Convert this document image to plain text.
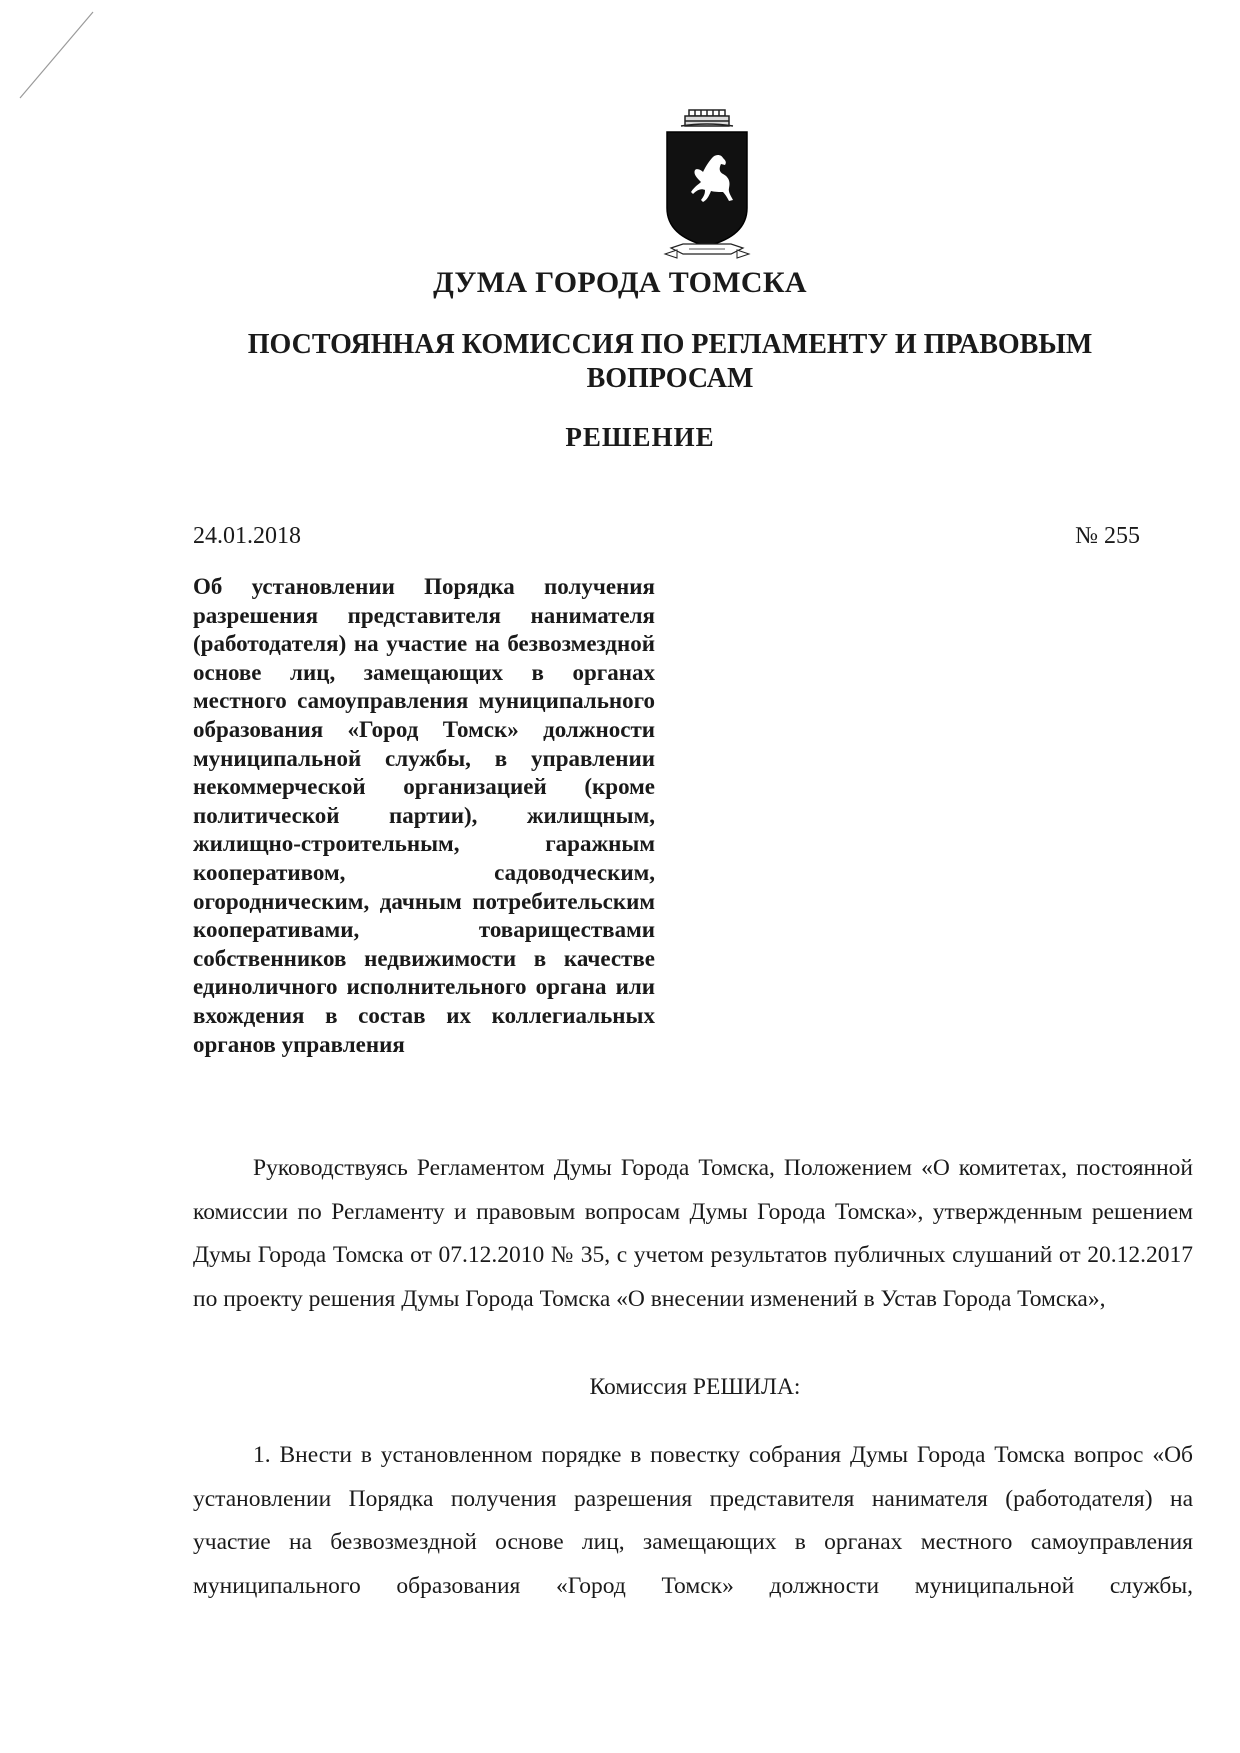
ДУМА ГОРОДА ТОМСКА
ПОСТОЯННАЯ КОМИССИЯ ПО РЕГЛАМЕНТУ И ПРАВОВЫМ ВОПРОСАМ
РЕШЕНИЕ
24.01.2018	№ 255

Об установлении Порядка получения разрешения представителя нанимателя (работодателя) на участие на безвозмездной основе лиц, замещающих в органах местного самоуправления муниципального образования «Город Томск» должности муниципальной службы, в управлении некоммерческой организацией (кроме политической партии), жилищным, жилищно-строительным, гаражным кооперативом, садоводческим, огородническим, дачным потребительским кооперативами, товариществами собственников недвижимости в качестве единоличного исполнительного органа или вхождения в состав их коллегиальных органов управления

Руководствуясь Регламентом Думы Города Томска, Положением «О комитетах, постоянной комиссии по Регламенту и правовым вопросам Думы Города Томска», утвержденным решением Думы Города Томска от 07.12.2010 № 35, с учетом результатов публичных слушаний от 20.12.2017 по проекту решения Думы Города Томска «О внесении изменений в Устав Города Томска»,

Комиссия РЕШИЛА:

1. Внести в установленном порядке в повестку собрания Думы Города Томска вопрос «Об установлении Порядка получения разрешения представителя нанимателя (работодателя) на участие на безвозмездной основе лиц, замещающих в органах местного самоуправления муниципального образования «Город Томск» должности муниципальной службы,
